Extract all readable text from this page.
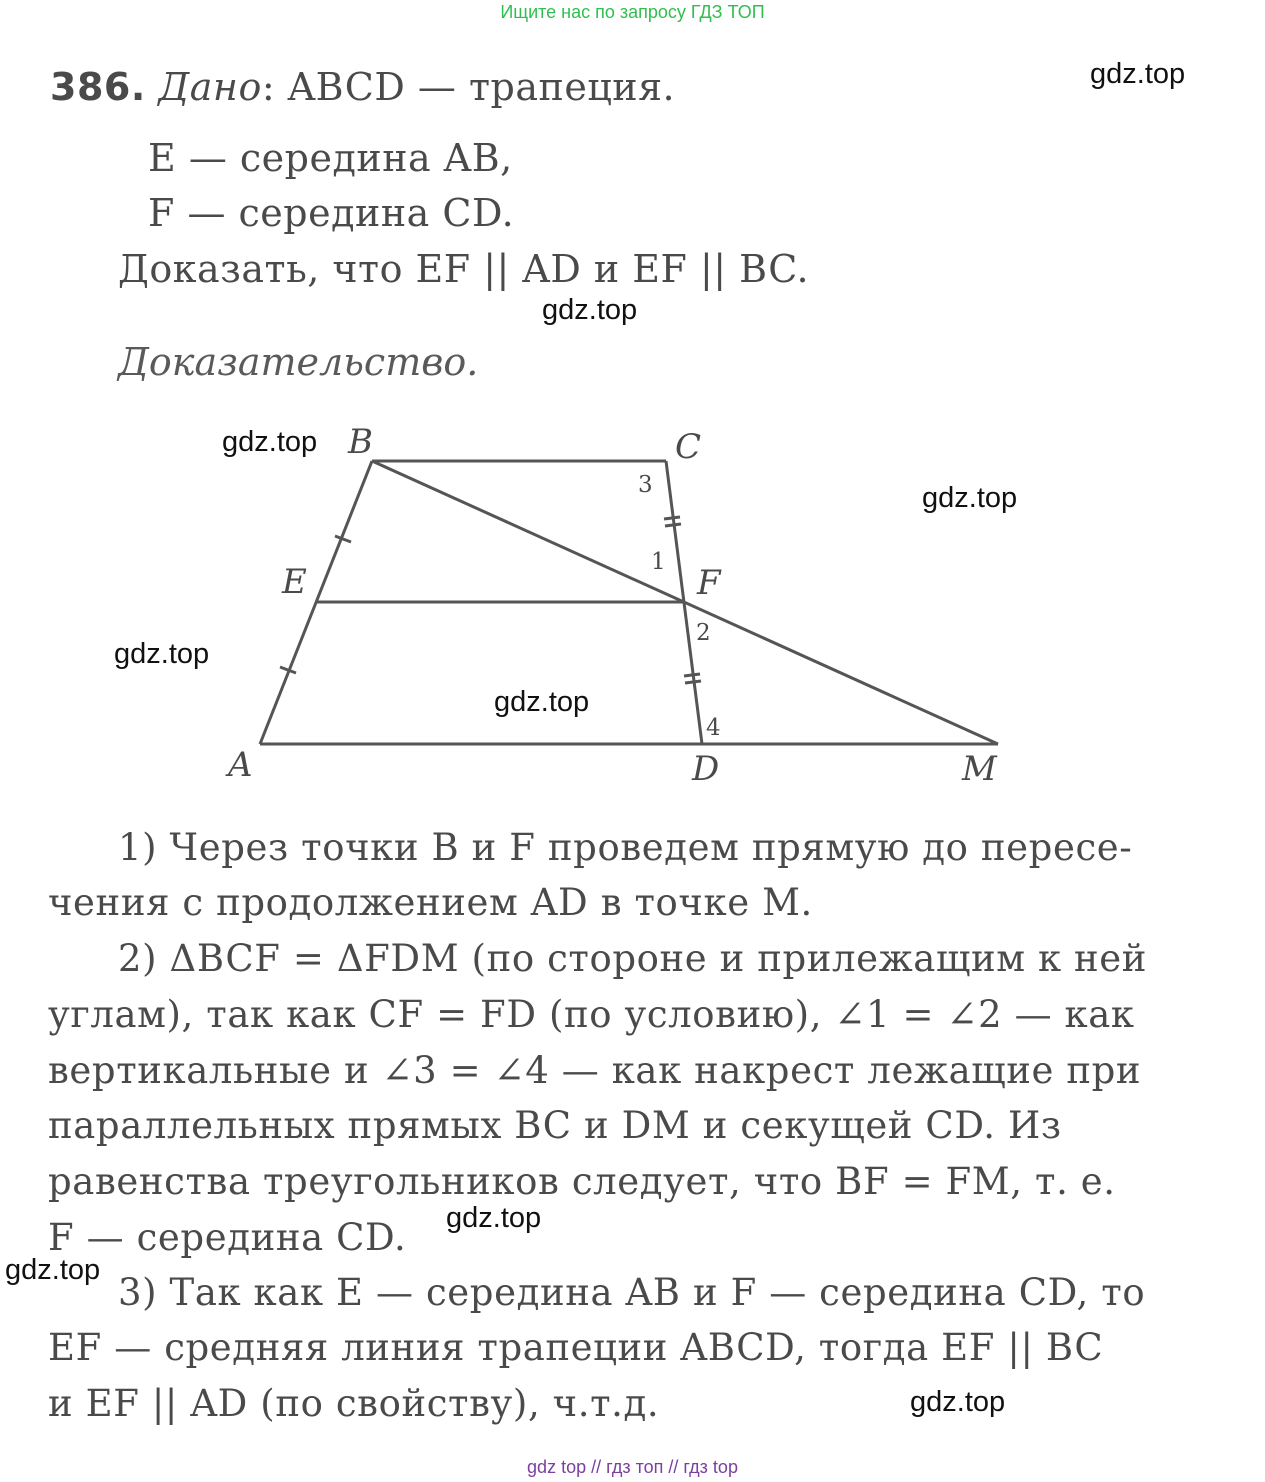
Ищите нас по запросу ГДЗ ТОП
386. Дано: ABCD — трапеция.
E — середина AB,
F — середина CD.
Доказать, что EF || AD и EF || BC.
Доказательство.
B	C
E	F
A	D	M
3
1
2
4
1) Через точки B и F проведем прямую до пересе-
чения с продолжением AD в точке M.
2) ΔBCF = ΔFDM (по стороне и прилежащим к ней
углам), так как CF = FD (по условию), ∠1 = ∠2 — как
вертикальные и ∠3 = ∠4 — как накрест лежащие при
параллельных прямых BC и DM и секущей CD. Из
равенства треугольников следует, что BF = FM, т. е.
F — середина CD.
3) Так как E — середина AB и F — середина CD, то
EF — средняя линия трапеции ABCD, тогда EF || BC
и EF || AD (по свойству), ч.т.д.
gdz.top
gdz.top
gdz.top
gdz.top
gdz.top
gdz.top
gdz.top
gdz.top
gdz.top
gdz top // гдз топ // гдз top
